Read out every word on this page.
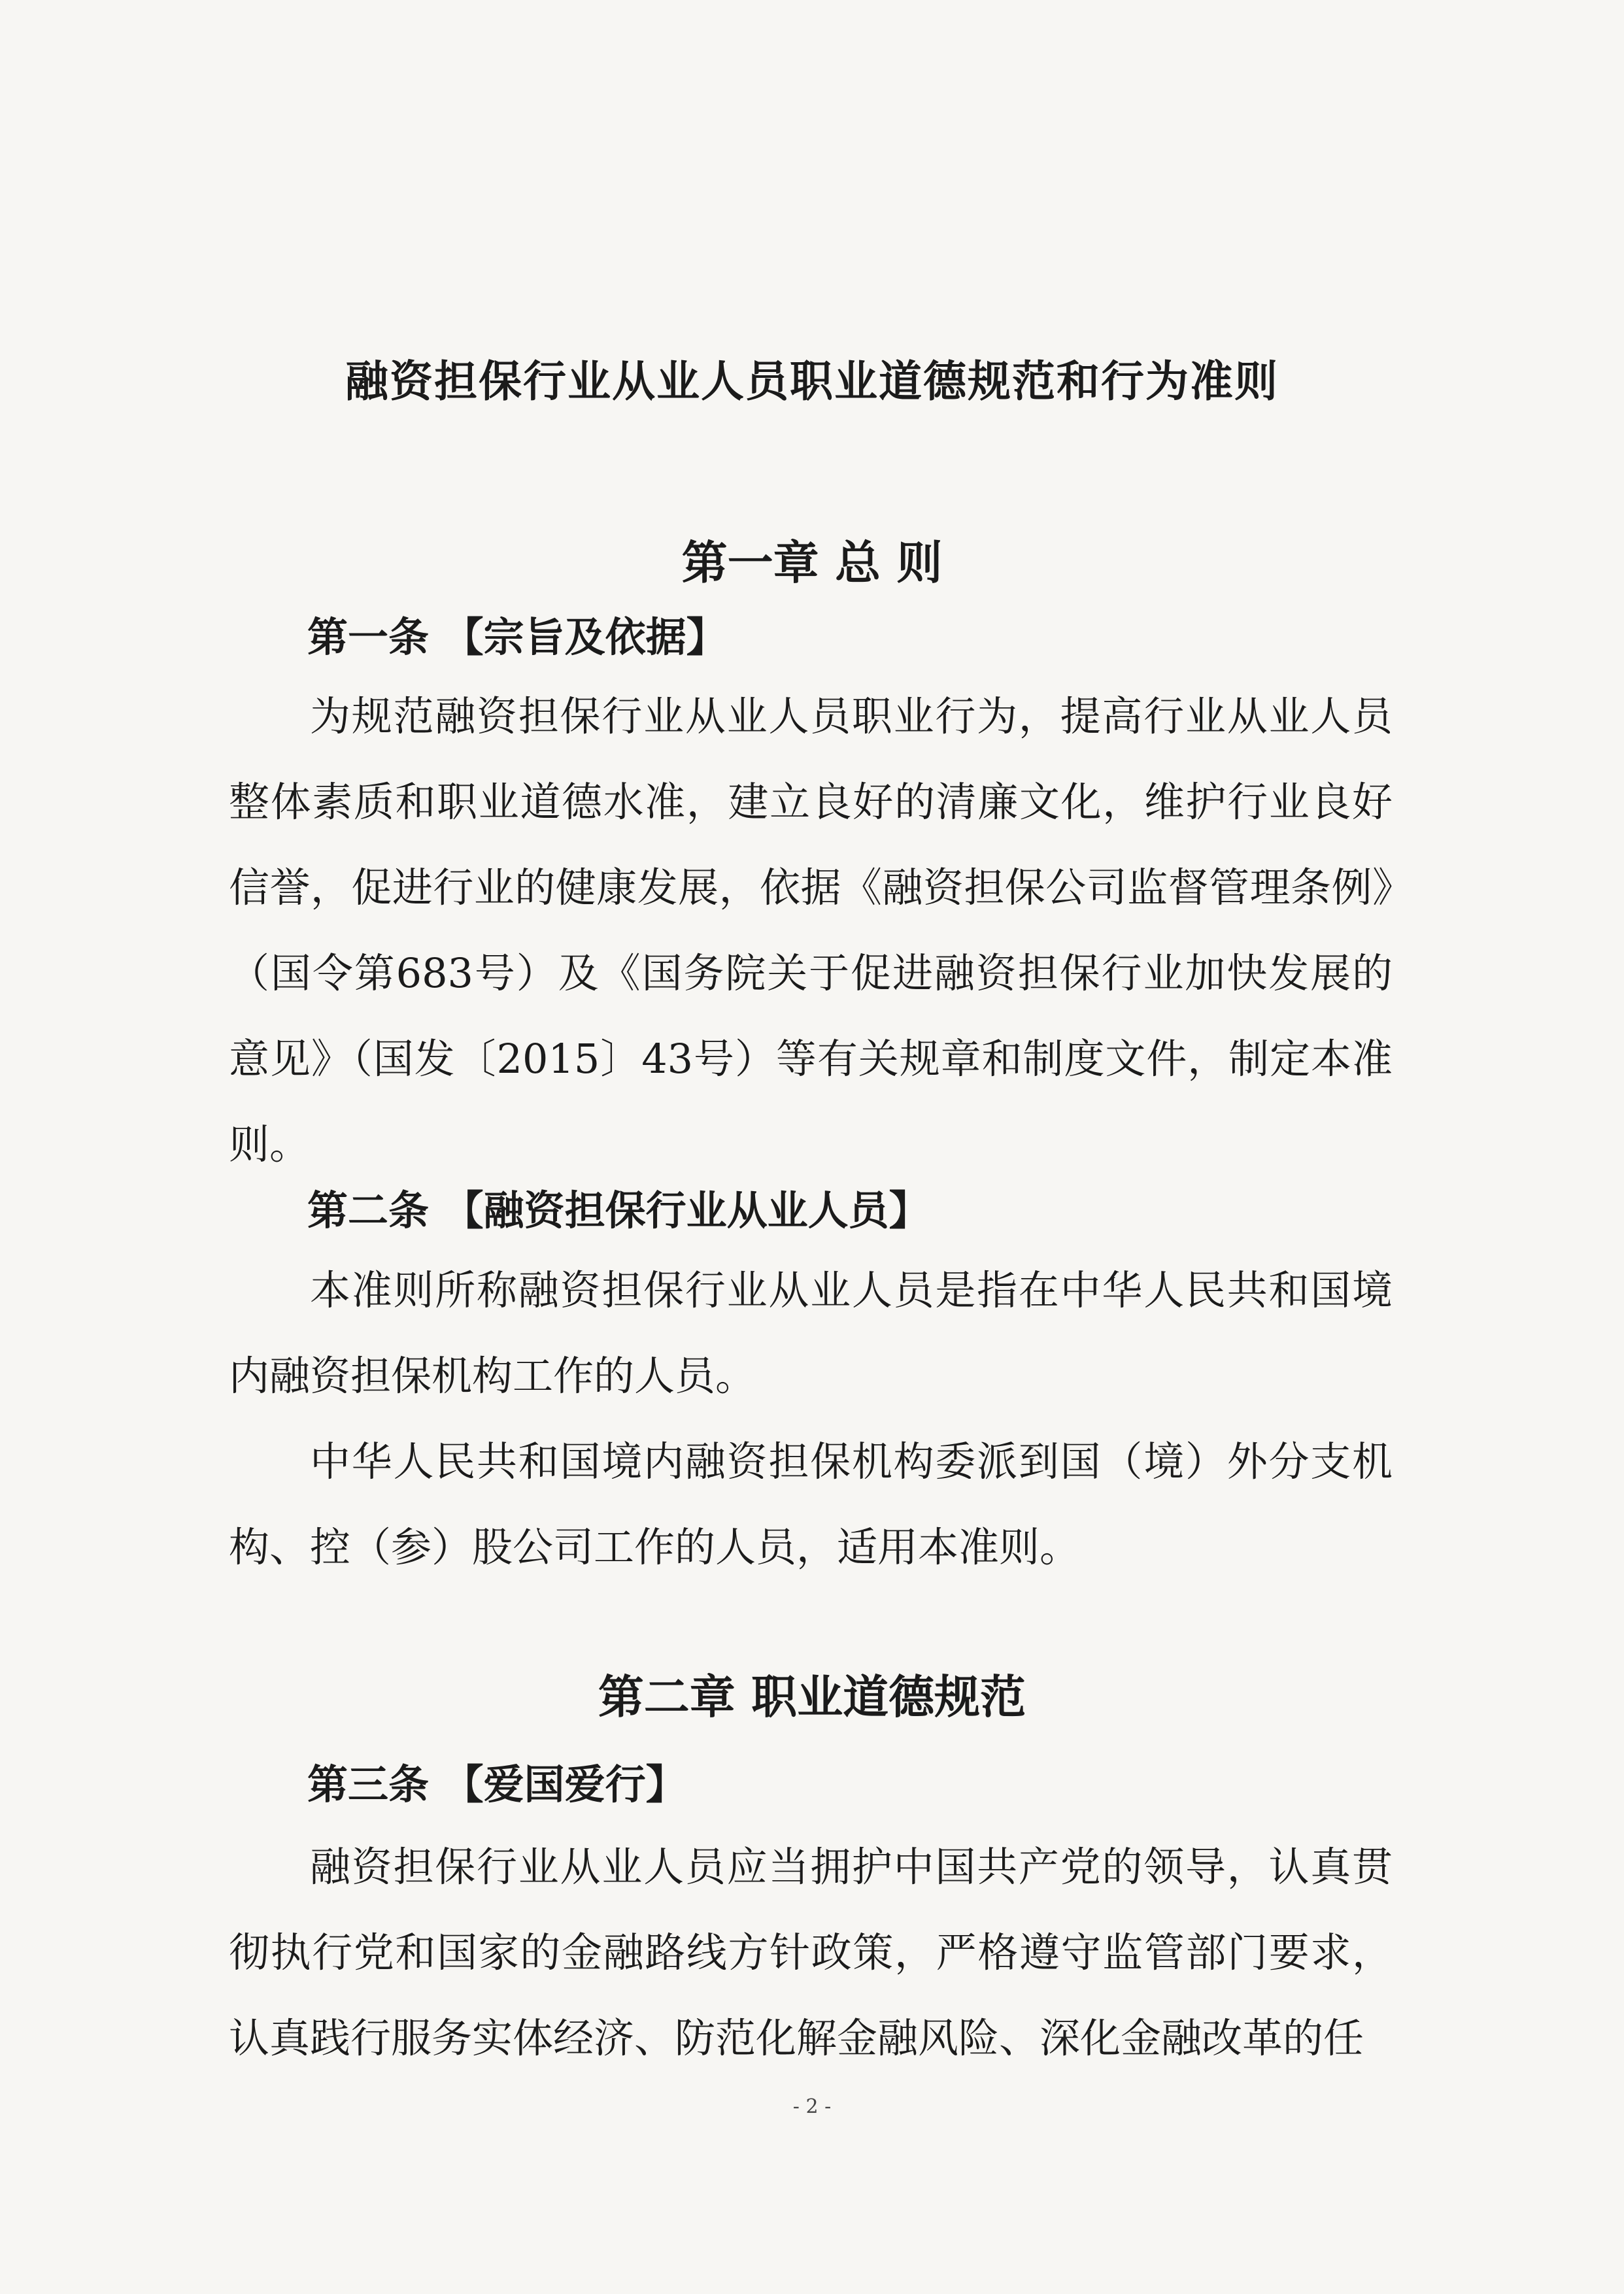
融资担保行业从业人员职业道德规范和行为准则
第一章 总 则
第一条 【宗旨及依据】
为规范融资担保行业从业人员职业行为，提高行业从业人员整体素质和职业道德水准，建立良好的清廉文化，维护行业良好信誉，促进行业的健康发展，依据《融资担保公司监督管理条例》（国令第683号）及《国务院关于促进融资担保行业加快发展的意见》（国发〔2015〕43号）等有关规章和制度文件，制定本准则。
第二条 【融资担保行业从业人员】
本准则所称融资担保行业从业人员是指在中华人民共和国境内融资担保机构工作的人员。
中华人民共和国境内融资担保机构委派到国（境）外分支机构、控（参）股公司工作的人员，适用本准则。
第二章 职业道德规范
第三条 【爱国爱行】
融资担保行业从业人员应当拥护中国共产党的领导，认真贯彻执行党和国家的金融路线方针政策，严格遵守监管部门要求，认真践行服务实体经济、防范化解金融风险、深化金融改革的任
- 2 -
